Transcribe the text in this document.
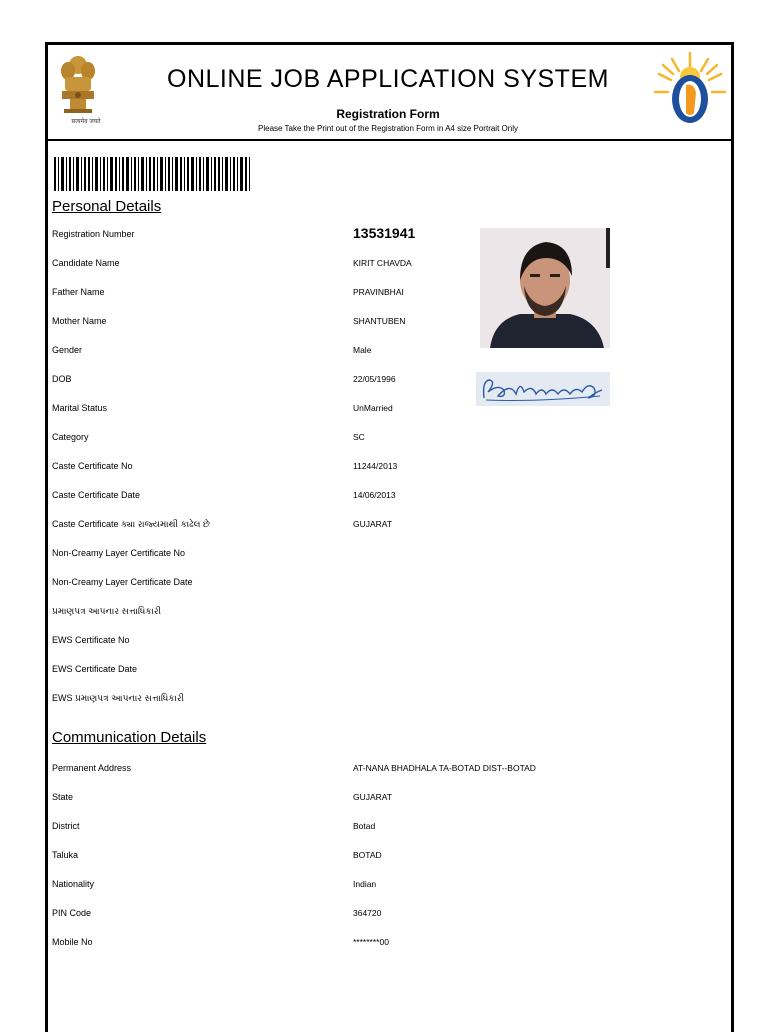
सत्यमेव जयते
ONLINE JOB APPLICATION SYSTEM
Registration Form
Please Take the Print out of the Registration Form in A4 size Portrait Only
Personal Details
Registration Number	13531941
Candidate Name	KIRIT CHAVDA
Father Name	PRAVINBHAI
Mother Name	SHANTUBEN
Gender	Male
DOB	22/05/1996
Marital Status	UnMarried
Category	SC
Caste Certificate No	11244/2013
Caste Certificate Date	14/06/2013
Caste Certificate ક્યા રાજ્યમાથી કાઢેલ છે	GUJARAT
Non-Creamy Layer Certificate No
Non-Creamy Layer Certificate Date
પ્રમાણપત્ર આપનાર સત્તાધિકારી
EWS Certificate No
EWS Certificate Date
EWS પ્રમાણપત્ર આપનાર સત્તાધિકારી
Communication Details
Permanent Address	AT-NANA BHADHALA TA-BOTAD DIST--BOTAD
State	GUJARAT
District	Botad
Taluka	BOTAD
Nationality	Indian
PIN Code	364720
Mobile No	********00
